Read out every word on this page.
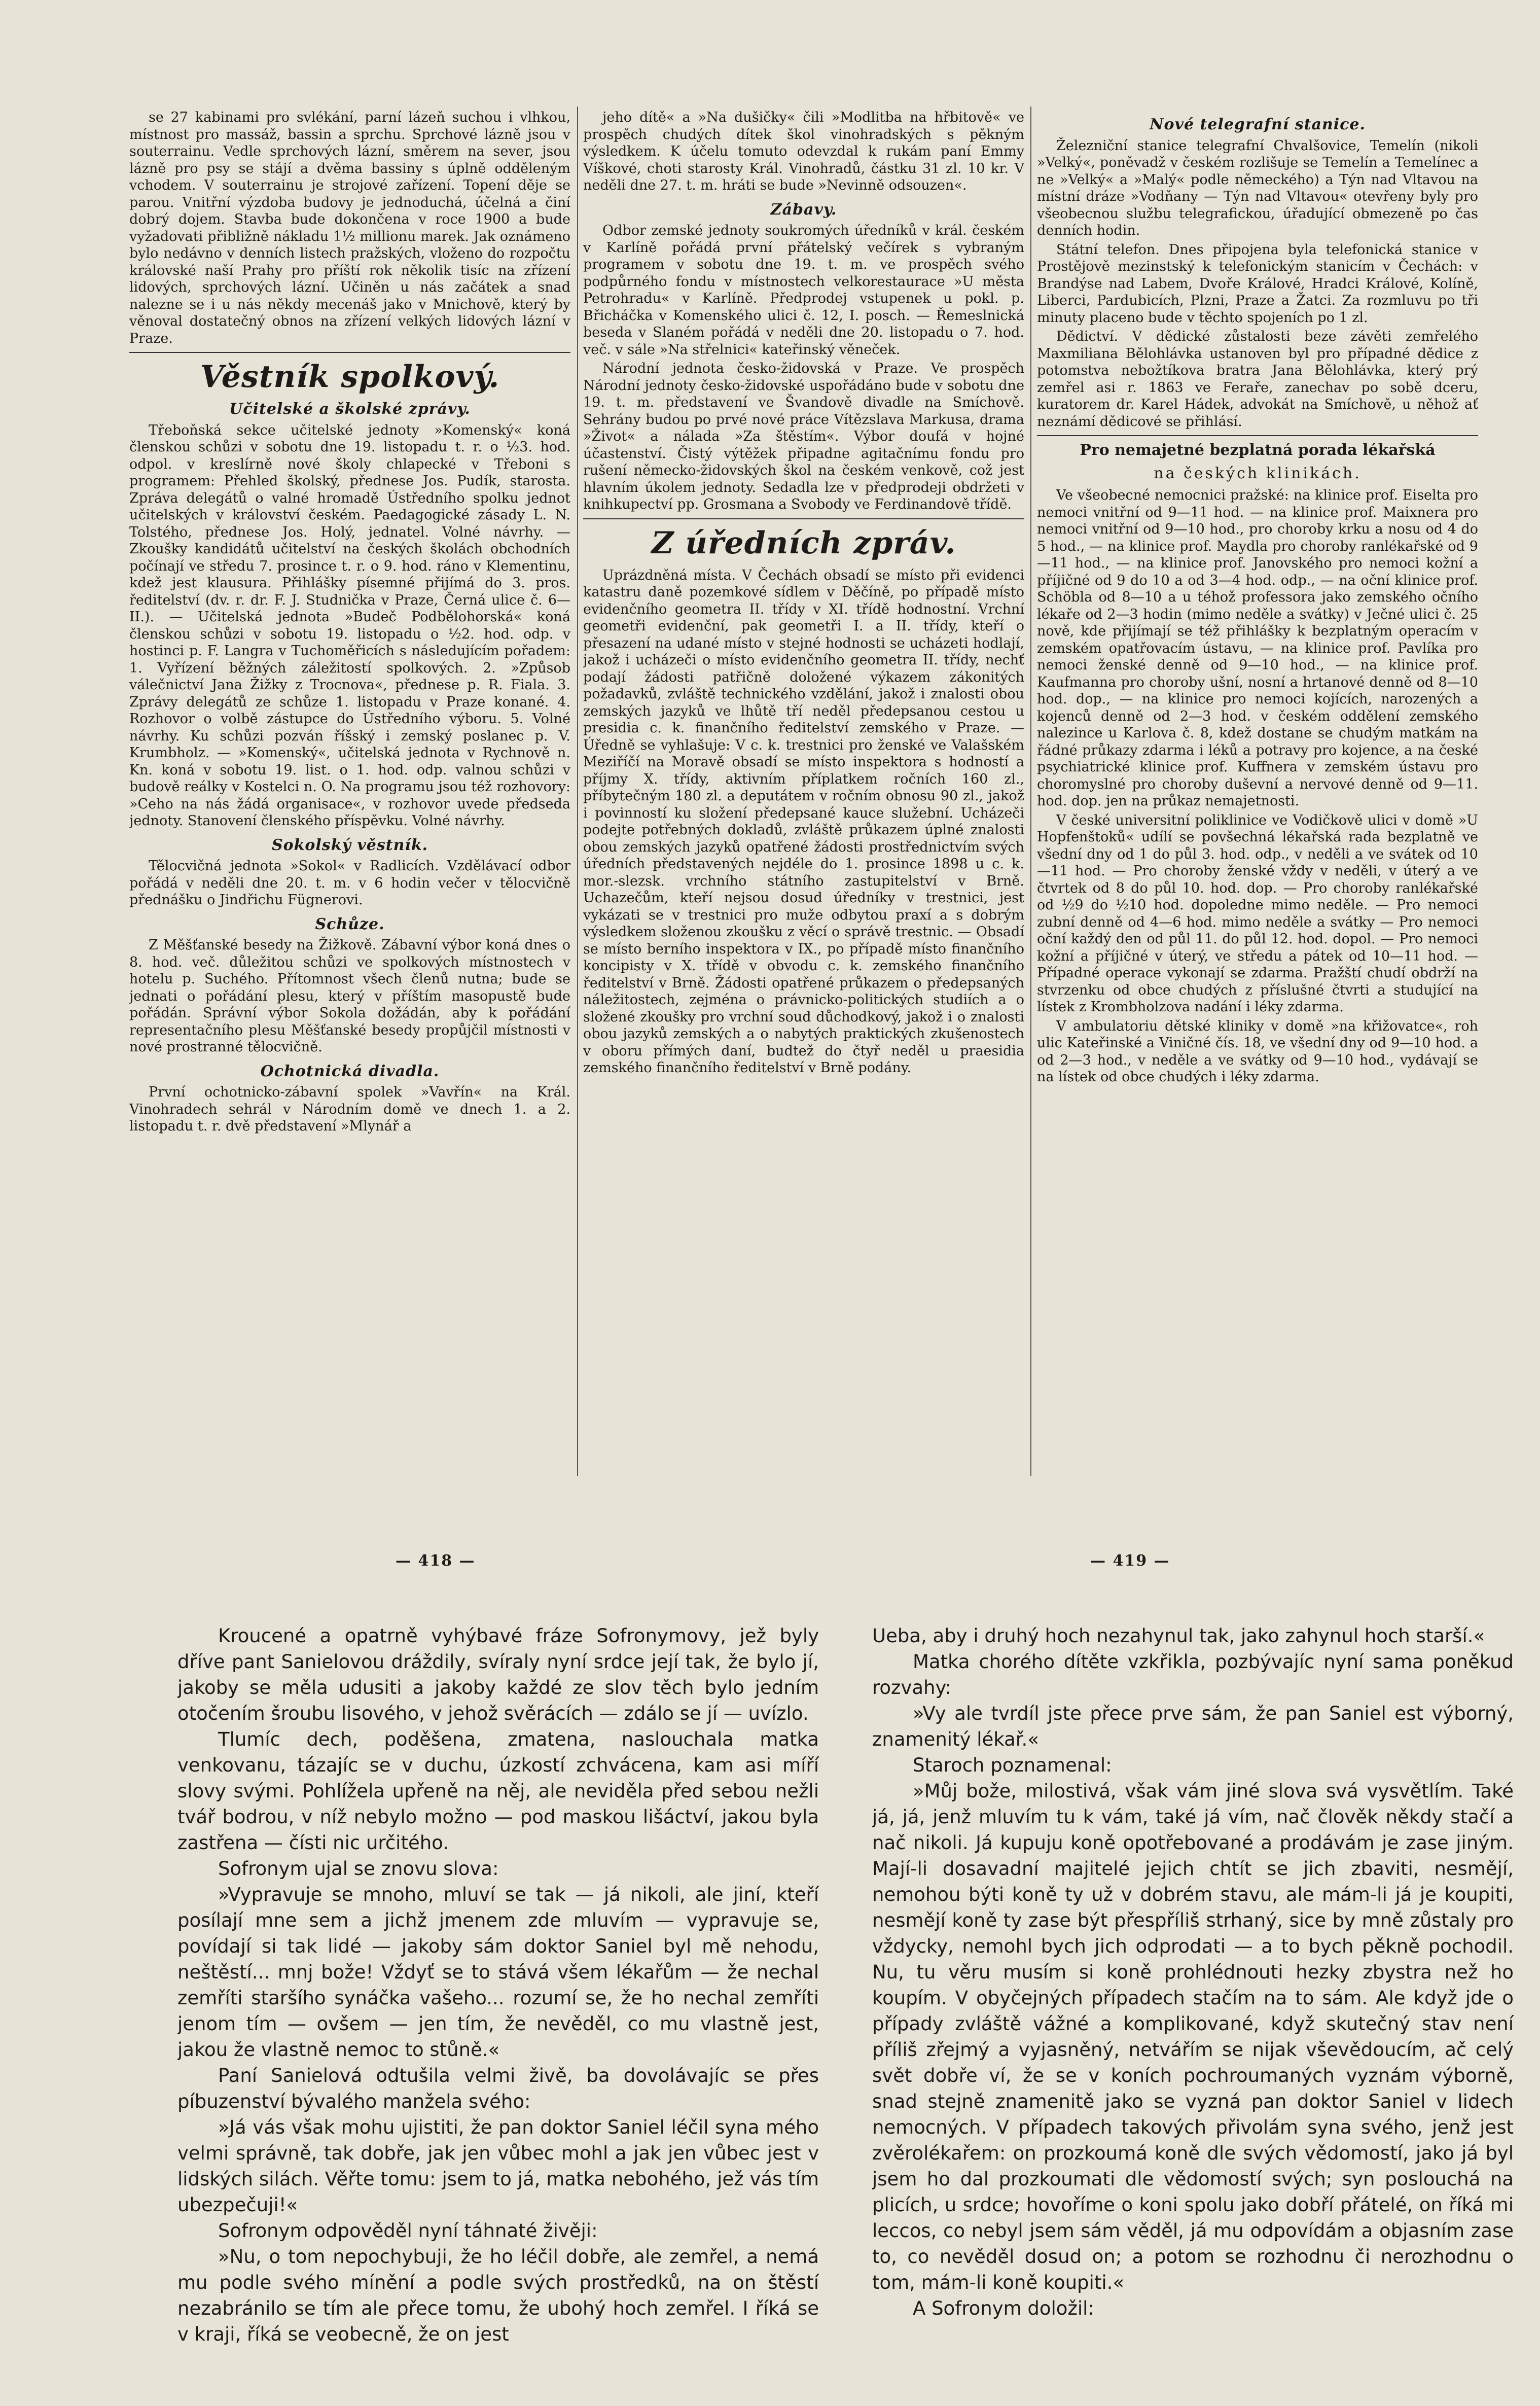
se 27 kabinami pro svlékání, parní lázeň suchou i vlhkou, místnost pro massáž, bassin a sprchu. Sprchové lázně jsou v souterrainu. Vedle sprchových lázní, směrem na sever, jsou lázně pro psy se stájí a dvěma bassiny s úplně odděleným vchodem. V souterrainu je strojové zařízení. Topení děje se parou. Vnitřní výzdoba budovy je jednoduchá, účelná a činí dobrý dojem. Stavba bude dokončena v roce 1900 a bude vyžadovati přibližně nákladu 1½ millionu marek. Jak oznámeno bylo nedávno v denních listech pražských, vloženo do rozpočtu královské naší Prahy pro příští rok několik tisíc na zřízení lidových, sprchových lázní. Učiněn u nás začátek a snad nalezne se i u nás někdy mecenáš jako v Mnichově, který by věnoval dostatečný obnos na zřízení velkých lidových lázní v Praze.

Věstník spolkový.
Učitelské a školské zprávy.

Třeboňská sekce učitelské jednoty »Komenský« koná členskou schůzi v sobotu dne 19. listopadu t. r. o ½3. hod. odpol. v kreslírně nové školy chlapecké v Třeboni s programem: Přehled školský, přednese Jos. Pudík, starosta. Zpráva delegátů o valné hromadě Ústředního spolku jednot učitelských v království českém. Paedagogické zásady L. N. Tolstého, přednese Jos. Holý, jednatel. Volné návrhy. — Zkoušky kandidátů učitelství na českých školách obchodních počínají ve středu 7. prosince t. r. o 9. hod. ráno v Klementinu, kdež jest klausura. Přihlášky písemné přijímá do 3. pros. ředitelství (dv. r. dr. F. J. Studnička v Praze, Černá ulice č. 6—II.). — Učitelská jednota »Budeč Podbělohorská« koná členskou schůzi v sobotu 19. listopadu o ½2. hod. odp. v hostinci p. F. Langra v Tuchoměřicích s následujícím pořadem: 1. Vyřízení běžných záležitostí spolkových. 2. »Způsob válečnictví Jana Žižky z Trocnova«, přednese p. R. Fiala. 3. Zprávy delegátů ze schůze 1. listopadu v Praze konané. 4. Rozhovor o volbě zástupce do Ústředního výboru. 5. Volné návrhy. Ku schůzi pozván říšský i zemský poslanec p. V. Krumbholz. — »Komenský«, učitelská jednota v Rychnově n. Kn. koná v sobotu 19. list. o 1. hod. odp. valnou schůzi v budově reálky v Kostelci n. O. Na programu jsou též rozhovory: »Ceho na nás žádá organisace«, v rozhovor uvede předseda jednoty. Stanovení členského příspěvku. Volné návrhy.

Sokolský věstník.

Tělocvičná jednota »Sokol« v Radlicích. Vzdělávací odbor pořádá v neděli dne 20. t. m. v 6 hodin večer v tělocvičně přednášku o Jindřichu Fügnerovi.

Schůze.

Z Měšťanské besedy na Žižkově. Zábavní výbor koná dnes o 8. hod. več. důležitou schůzi ve spolkových místnostech v hotelu p. Suchého. Přítomnost všech členů nutna; bude se jednati o pořádání plesu, který v příštím masopustě bude pořádán. Správní výbor Sokola dožádán, aby k pořádání representačního plesu Měšťanské besedy propůjčil místnosti v nové prostranné tělocvičně.

Ochotnická divadla.

První ochotnicko-zábavní spolek »Vavřín« na Král. Vinohradech sehrál v Národním domě ve dnech 1. a 2. listopadu t. r. dvě představení »Mlynář a

jeho dítě« a »Na dušičky« čili »Modlitba na hřbitově« ve prospěch chudých dítek škol vinohradských s pěkným výsledkem. K účelu tomuto odevzdal k rukám paní Emmy Víškové, choti starosty Král. Vinohradů, částku 31 zl. 10 kr. V neděli dne 27. t. m. hráti se bude »Nevinně odsouzen«.

Zábavy.

Odbor zemské jednoty soukromých úředníků v král. českém v Karlíně pořádá první přátelský večírek s vybraným programem v sobotu dne 19. t. m. ve prospěch svého podpůrného fondu v místnostech velkorestaurace »U města Petrohradu« v Karlíně. Předprodej vstupenek u pokl. p. Břicháčka v Komenského ulici č. 12, I. posch. — Řemeslnická beseda v Slaném pořádá v neděli dne 20. listopadu o 7. hod. več. v sále »Na střelnici« kateřinský věneček.

Národní jednota česko-židovská v Praze. Ve prospěch Národní jednoty česko-židovské uspořádáno bude v sobotu dne 19. t. m. představení ve Švandově divadle na Smíchově. Sehrány budou po prvé nové práce Vítězslava Markusa, drama »Život« a nálada »Za štěstím«. Výbor doufá v hojné účastenství. Čistý výtěžek připadne agitačnímu fondu pro rušení německo-židovských škol na českém venkově, což jest hlavním úkolem jednoty. Sedadla lze v předprodeji obdržeti v knihkupectví pp. Grosmana a Svobody ve Ferdinandově třídě.

Z úředních zpráv.

Uprázdněná místa. V Čechách obsadí se místo při evidenci katastru daně pozemkové sídlem v Děčíně, po případě místo evidenčního geometra II. třídy v XI. třídě hodnostní. Vrchní geometři evidenční, pak geometři I. a II. třídy, kteří o přesazení na udané místo v stejné hodnosti se ucházeti hodlají, jakož i ucházeči o místo evidenčního geometra II. třídy, nechť podají žádosti patřičně doložené výkazem zákonitých požadavků, zvláště technického vzdělání, jakož i znalosti obou zemských jazyků ve lhůtě tří neděl předepsanou cestou u presidia c. k. finančního ředitelství zemského v Praze. — Úředně se vyhlašuje: V c. k. trestnici pro ženské ve Valašském Meziříčí na Moravě obsadí se místo inspektora s hodností a příjmy X. třídy, aktivním příplatkem ročních 160 zl., příbytečným 180 zl. a deputátem v ročním obnosu 90 zl., jakož i povinností ku složení předepsané kauce služební. Ucházeči podejte potřebných dokladů, zvláště průkazem úplné znalosti obou zemských jazyků opatřené žádosti prostřednictvím svých úředních představených nejdéle do 1. prosince 1898 u c. k. mor.-slezsk. vrchního státního zastupitelství v Brně. Uchazečům, kteří nejsou dosud úředníky v trestnici, jest vykázati se v trestnici pro muže odbytou praxí a s dobrým výsledkem složenou zkoušku z věcí o správě trestnic. — Obsadí se místo berního inspektora v IX., po případě místo finančního koncipisty v X. třídě v obvodu c. k. zemského finančního ředitelství v Brně. Žádosti opatřené průkazem o předepsaných náležitostech, zejména o právnicko-politických studiích a o složené zkoušky pro vrchní soud důchodkový, jakož i o znalosti obou jazyků zemských a o nabytých praktických zkušenostech v oboru přímých daní, budtež do čtyř neděl u praesidia zemského finančního ředitelství v Brně podány.

Nové telegrafní stanice.

Železniční stanice telegrafní Chvalšovice, Temelín (nikoli »Velký«, poněvadž v českém rozlišuje se Temelín a Temelínec a ne »Velký« a »Malý« podle německého) a Týn nad Vltavou na místní dráze »Vodňany — Týn nad Vltavou« otevřeny byly pro všeobecnou službu telegrafickou, úřadující obmezeně po čas denních hodin.

Státní telefon. Dnes připojena byla telefonická stanice v Prostějově mezinstský k telefonickým stanicím v Čechách: v Brandýse nad Labem, Dvoře Králové, Hradci Králové, Kolíně, Liberci, Pardubicích, Plzni, Praze a Žatci. Za rozmluvu po tři minuty placeno bude v těchto spojeních po 1 zl.

Dědictví. V dědické zůstalosti beze závěti zemřelého Maxmiliana Bělohlávka ustanoven byl pro případné dědice z potomstva nebožtíkova bratra Jana Bělohlávka, který prý zemřel asi r. 1863 ve Feraře, zanechav po sobě dceru, kuratorem dr. Karel Hádek, advokát na Smíchově, u něhož ať neznámí dědicové se přihlásí.

Pro nemajetné bezplatná porada lékařská
na českých klinikách.

Ve všeobecné nemocnici pražské: na klinice prof. Eiselta pro nemoci vnitřní od 9—11 hod. — na klinice prof. Maixnera pro nemoci vnitřní od 9—10 hod., pro choroby krku a nosu od 4 do 5 hod., — na klinice prof. Maydla pro choroby ranlékařské od 9—11 hod., — na klinice prof. Janovského pro nemoci kožní a příjičné od 9 do 10 a od 3—4 hod. odp., — na oční klinice prof. Schöbla od 8—10 a u téhož professora jako zemského očního lékaře od 2—3 hodin (mimo neděle a svátky) v Ječné ulici č. 25 nově, kde přijímají se též přihlášky k bezplatným operacím v zemském opatřovacím ústavu, — na klinice prof. Pavlíka pro nemoci ženské denně od 9—10 hod., — na klinice prof. Kaufmanna pro choroby ušní, nosní a hrtanové denně od 8—10 hod. dop., — na klinice pro nemoci kojících, narozených a kojenců denně od 2—3 hod. v českém oddělení zemského nalezince u Karlova č. 8, kdež dostane se chudým matkám na řádné průkazy zdarma i léků a potravy pro kojence, a na české psychiatrické klinice prof. Kuffnera v zemském ústavu pro choromyslné pro choroby duševní a nervové denně od 9—11. hod. dop. jen na průkaz nemajetnosti.

V české universitní poliklinice ve Vodičkově ulici v domě »U Hopfenštoků« udílí se povšechná lékařská rada bezplatně ve všední dny od 1 do půl 3. hod. odp., v neděli a ve svátek od 10—11 hod. — Pro choroby ženské vždy v neděli, v úterý a ve čtvrtek od 8 do půl 10. hod. dop. — Pro choroby ranlékařské od ½9 do ½10 hod. dopoledne mimo neděle. — Pro nemoci zubní denně od 4—6 hod. mimo neděle a svátky — Pro nemoci oční každý den od půl 11. do půl 12. hod. dopol. — Pro nemoci kožní a příjičné v úterý, ve středu a pátek od 10—11 hod. — Případné operace vykonají se zdarma. Pražští chudí obdrží na stvrzenku od obce chudých z příslušné čtvrti a studující na lístek z Krombholzova nadání i léky zdarma.

V ambulatoriu dětské kliniky v domě »na křižovatce«, roh ulic Kateřinské a Viničné čís. 18, ve všední dny od 9—10 hod. a od 2—3 hod., v neděle a ve svátky od 9—10 hod., vydávají se na lístek od obce chudých i léky zdarma.

— 418 —	— 419 —

Kroucené a opatrně vyhýbavé fráze Sofronymovy, jež byly dříve pant Sanielovou dráždily, svíraly nyní srdce její tak, že bylo jí, jakoby se měla udusiti a jakoby každé ze slov těch bylo jedním otočením šroubu lisového, v jehož svěrácích — zdálo se jí — uvízlo.

Tlumíc dech, poděšena, zmatena, naslouchala matka venkovanu, tázajíc se v duchu, úzkostí zchvácena, kam asi míří slovy svými. Pohlížela upřeně na něj, ale neviděla před sebou nežli tvář bodrou, v níž nebylo možno — pod maskou lišáctví, jakou byla zastřena — čísti nic určitého.

Sofronym ujal se znovu slova:

»Vypravuje se mnoho, mluví se tak — já nikoli, ale jiní, kteří posílají mne sem a jichž jmenem zde mluvím — vypravuje se, povídají si tak lidé — jakoby sám doktor Saniel byl mě nehodu, neštěstí... mnj bože! Vždyť se to stává všem lékařům — že nechal zemříti staršího synáčka vašeho... rozumí se, že ho nechal zemříti jenom tím — ovšem — jen tím, že nevěděl, co mu vlastně jest, jakou že vlastně nemoc to stůně.«

Paní Sanielová odtušila velmi živě, ba dovolávajíc se přes píbuzenství bývalého manžela svého:

»Já vás však mohu ujistiti, že pan doktor Saniel léčil syna mého velmi správně, tak dobře, jak jen vůbec mohl a jak jen vůbec jest v lidských silách. Věřte tomu: jsem to já, matka nebohého, jež vás tím ubezpečuji!«

Sofronym odpověděl nyní táhnaté živěji:

»Nu, o tom nepochybuji, že ho léčil dobře, ale zemřel, a nemá mu podle svého mínění a podle svých prostředků, na on štěstí nezabránilo se tím ale přece tomu, že ubohý hoch zemřel. I říká se v kraji, říká se veobecně, že on jest

Ueba, aby i druhý hoch nezahynul tak, jako zahynul hoch starší.«

Matka chorého dítěte vzkřikla, pozbývajíc nyní sama poněkud rozvahy:

»Vy ale tvrdíl jste přece prve sám, že pan Saniel est výborný, znamenitý lékař.«

Staroch poznamenal:

»Můj bože, milostivá, však vám jiné slova svá vysvětlím. Také já, já, jenž mluvím tu k vám, také já vím, nač člověk někdy stačí a nač nikoli. Já kupuju koně opotřebované a prodávám je zase jiným. Mají-li dosavadní majitelé jejich chtít se jich zbaviti, nesmějí, nemohou býti koně ty už v dobrém stavu, ale mám-li já je koupiti, nesmějí koně ty zase být přespříliš strhaný, sice by mně zůstaly pro vždycky, nemohl bych jich odprodati — a to bych pěkně pochodil. Nu, tu věru musím si koně prohlédnouti hezky zbystra než ho koupím. V obyčejných případech stačím na to sám. Ale když jde o případy zvláště vážné a komplikované, když skutečný stav není příliš zřejmý a vyjasněný, netvářím se nijak vševědoucím, ač celý svět dobře ví, že se v koních pochroumaných vyznám výborně, snad stejně znamenitě jako se vyzná pan doktor Saniel v lidech nemocných. V případech takových přivolám syna svého, jenž jest zvěrolékařem: on prozkoumá koně dle svých vědomostí, jako já byl jsem ho dal prozkoumati dle vědomostí svých; syn poslouchá na plicích, u srdce; hovoříme o koni spolu jako dobří přátelé, on říká mi leccos, co nebyl jsem sám věděl, já mu odpovídám a objasním zase to, co nevěděl dosud on; a potom se rozhodnu či nerozhodnu o tom, mám-li koně koupiti.«

A Sofronym doložil:
